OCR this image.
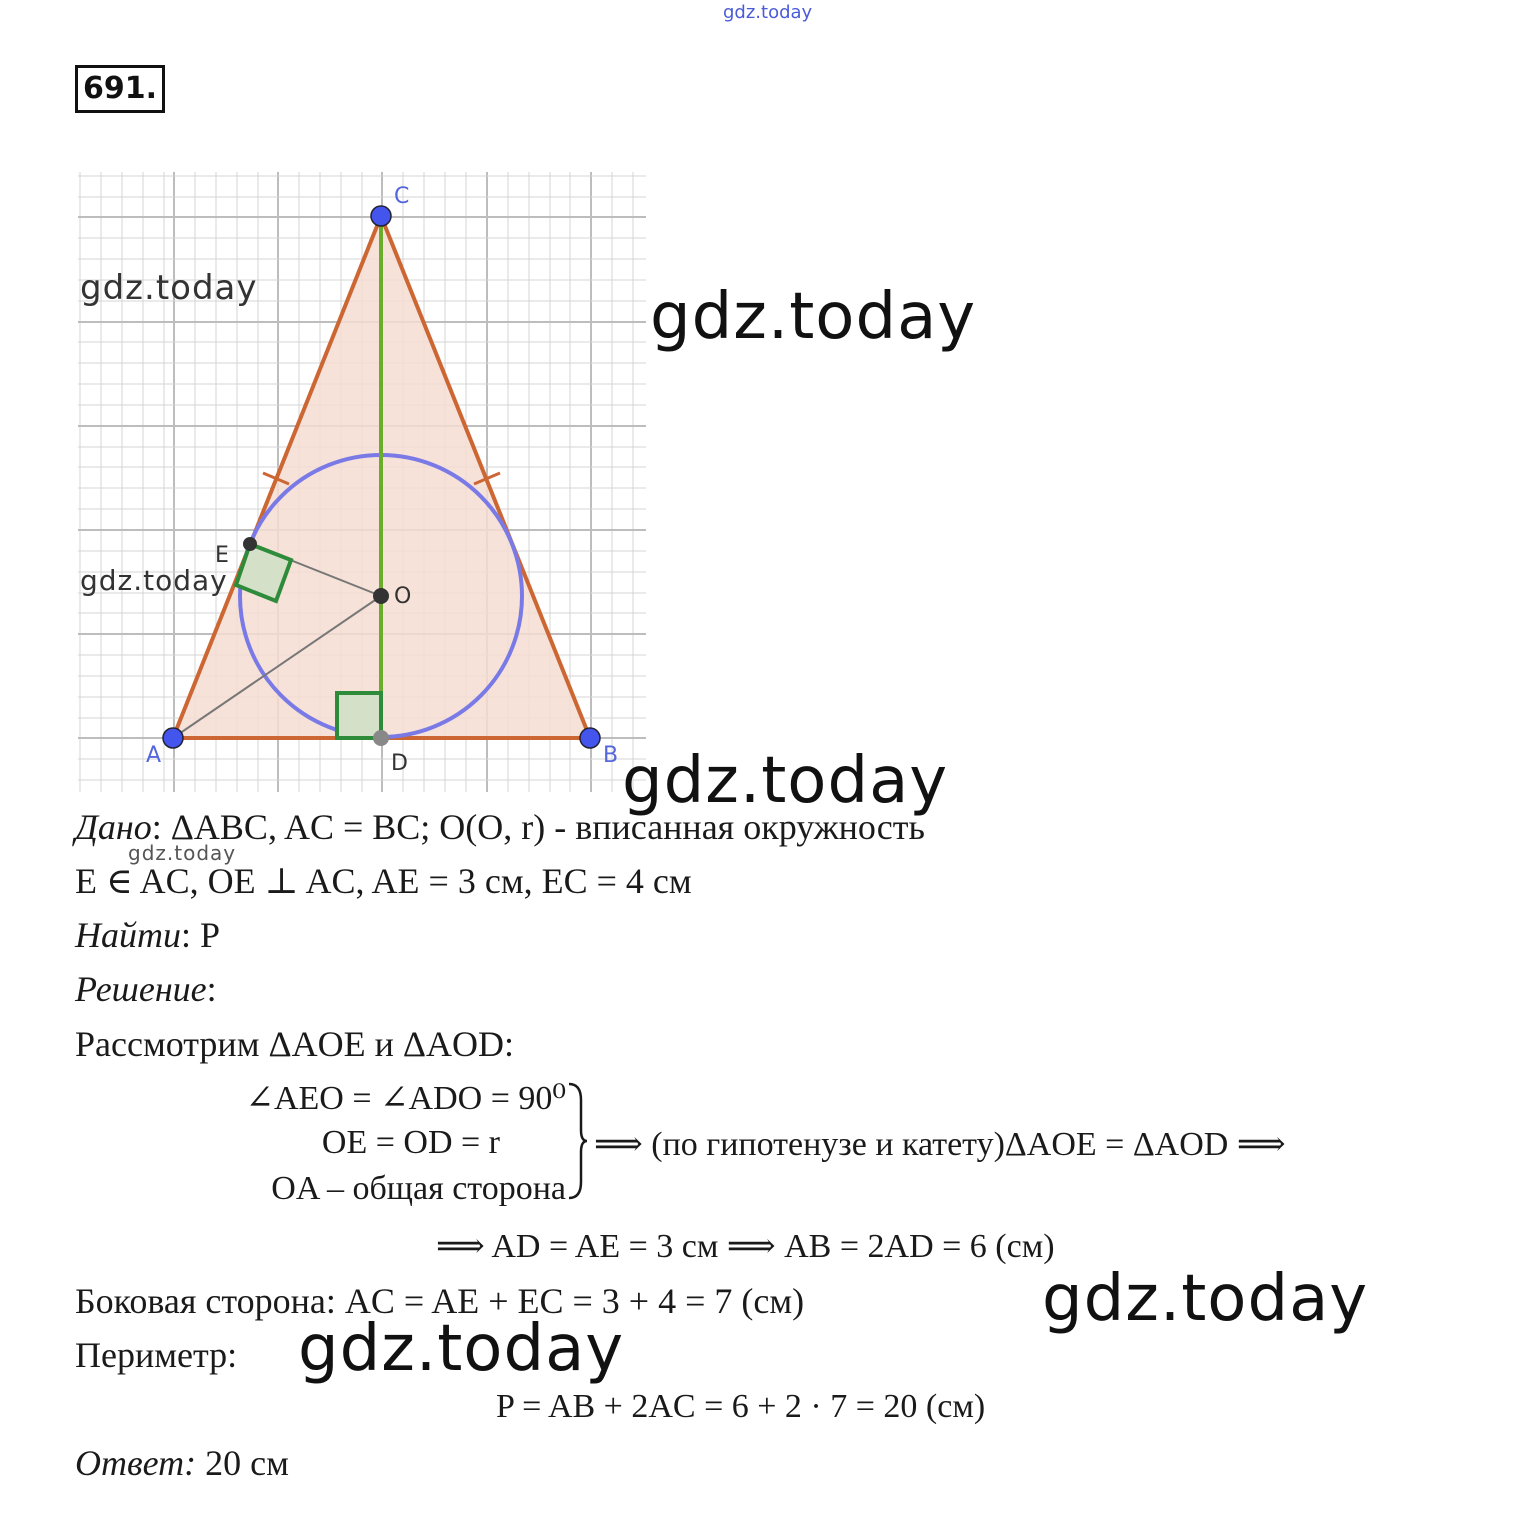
gdz.today
691.
C
E
O
A	D	B
gdz.today	gdz.today
gdz.today
gdz.today
Дано: ΔABC, AC = BC; O(O, r) - вписанная окружность
gdz.today
E ∈ AC, OE ⊥ AC, AE = 3 см, EC = 4 см
Найти: P
Решение:
Рассмотрим ΔAOE и ΔAOD:
∠AEO = ∠ADO = 90⁰
OE = OD = r
OA – общая сторона
⟹ (по гипотенузе и катету)ΔAOE = ΔAOD ⟹
⟹ AD = AE = 3 см ⟹ AB = 2AD = 6 (см)
Боковая сторона: AC = AE + EC = 3 + 4 = 7 (см)	gdz.today
Периметр: gdz.today
P = AB + 2AC = 6 + 2 · 7 = 20 (см)
Ответ: 20 см
